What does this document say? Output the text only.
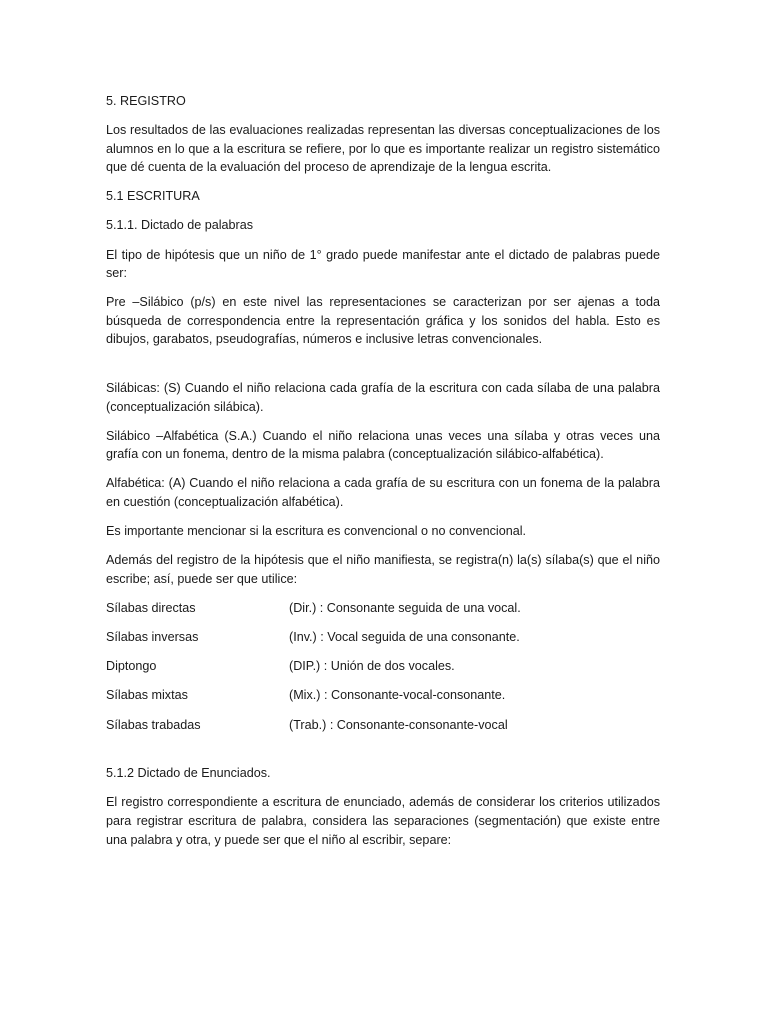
5. REGISTRO

Los resultados de las evaluaciones realizadas representan las diversas conceptualizaciones de los alumnos en lo que a la escritura se refiere, por lo que es importante realizar un registro sistemático que dé cuenta de la evaluación del proceso de aprendizaje de la lengua escrita.

5.1 ESCRITURA

5.1.1. Dictado de palabras

El tipo de hipótesis que un niño de 1° grado puede manifestar ante el dictado de palabras puede ser:

Pre –Silábico (p/s) en este nivel las representaciones se caracterizan por ser ajenas a toda búsqueda de correspondencia entre la representación gráfica y los sonidos del habla. Esto es dibujos, garabatos, pseudografías, números e inclusive letras convencionales.

Silábicas: (S) Cuando el niño relaciona cada grafía de la escritura con cada sílaba de una palabra (conceptualización silábica).

Silábico –Alfabética (S.A.) Cuando el niño relaciona unas veces una sílaba y otras veces una grafía con un fonema, dentro de la misma palabra (conceptualización silábico-alfabética).

Alfabética: (A) Cuando el niño relaciona a cada grafía de su escritura con un fonema de la palabra en cuestión (conceptualización alfabética).

Es importante mencionar si la escritura es convencional o no convencional.

Además del registro de la hipótesis que el niño manifiesta, se registra(n) la(s) sílaba(s) que el niño escribe; así, puede ser que utilice:

Sílabas directas	(Dir.) : Consonante seguida de una vocal.
Sílabas inversas	(Inv.) : Vocal seguida de una consonante.
Diptongo	(DIP.) : Unión de dos vocales.
Sílabas mixtas	(Mix.) : Consonante-vocal-consonante.
Sílabas trabadas	(Trab.) : Consonante-consonante-vocal

5.1.2 Dictado de Enunciados.

El registro correspondiente a escritura de enunciado, además de considerar los criterios utilizados para registrar escritura de palabra, considera las separaciones (segmentación) que existe entre una palabra y otra, y puede ser que el niño al escribir, separe:
